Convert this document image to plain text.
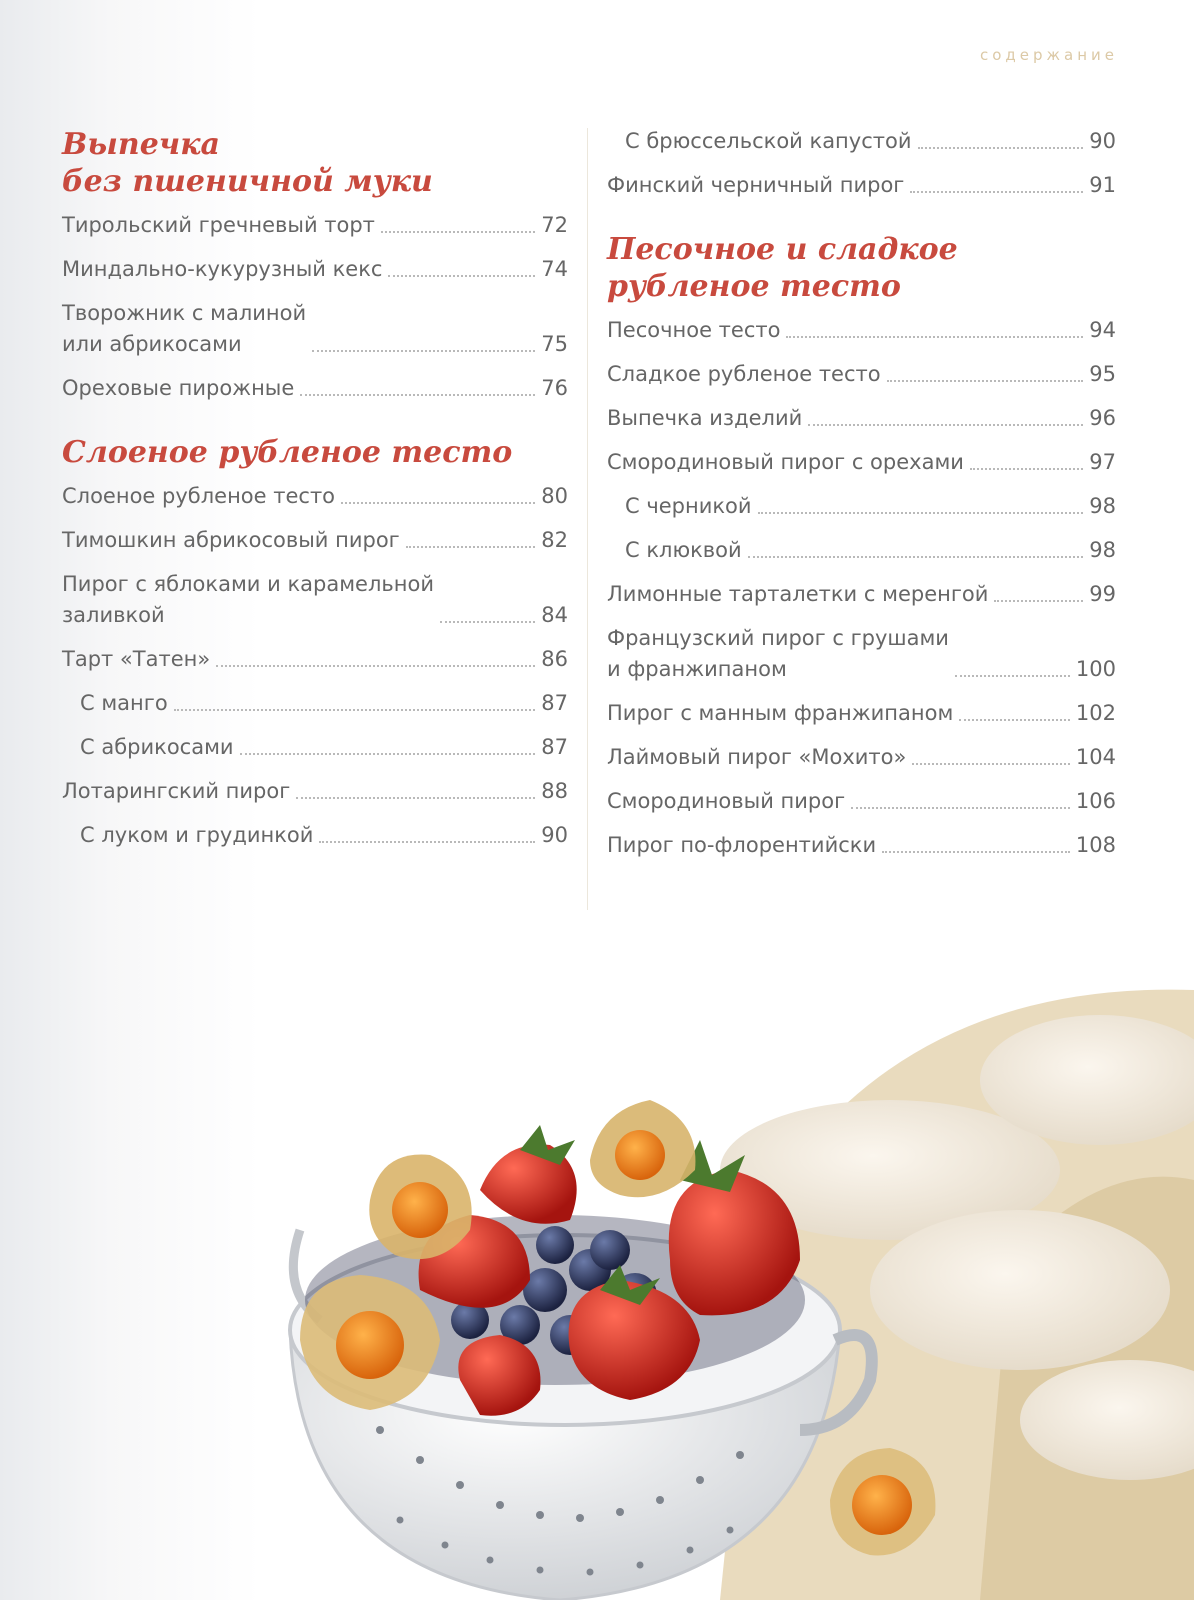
содержание
Выпечка
без пшеничной муки
Тирольский гречневый торт	72
Миндально-кукурузный кекс	74
Творожник с малиной
или абрикосами	75
Ореховые пирожные	76
Слоеное рубленое тесто
Слоеное рубленое тесто	80
Тимошкин абрикосовый пирог	82
Пирог с яблоками и карамельной
заливкой	84
Тарт «Татен»	86
С манго	87
С абрикосами	87
Лотарингский пирог	88
С луком и грудинкой	90
С брюссельской капустой	90
Финский черничный пирог	91
Песочное и сладкое
рубленое тесто
Песочное тесто	94
Сладкое рубленое тесто	95
Выпечка изделий	96
Смородиновый пирог с орехами	97
С черникой	98
С клюквой	98
Лимонные тарталетки с меренгой	99
Французский пирог с грушами
и франжипаном	100
Пирог с манным франжипаном	102
Лаймовый пирог «Мохито»	104
Смородиновый пирог	106
Пирог по-флорентийски	108
